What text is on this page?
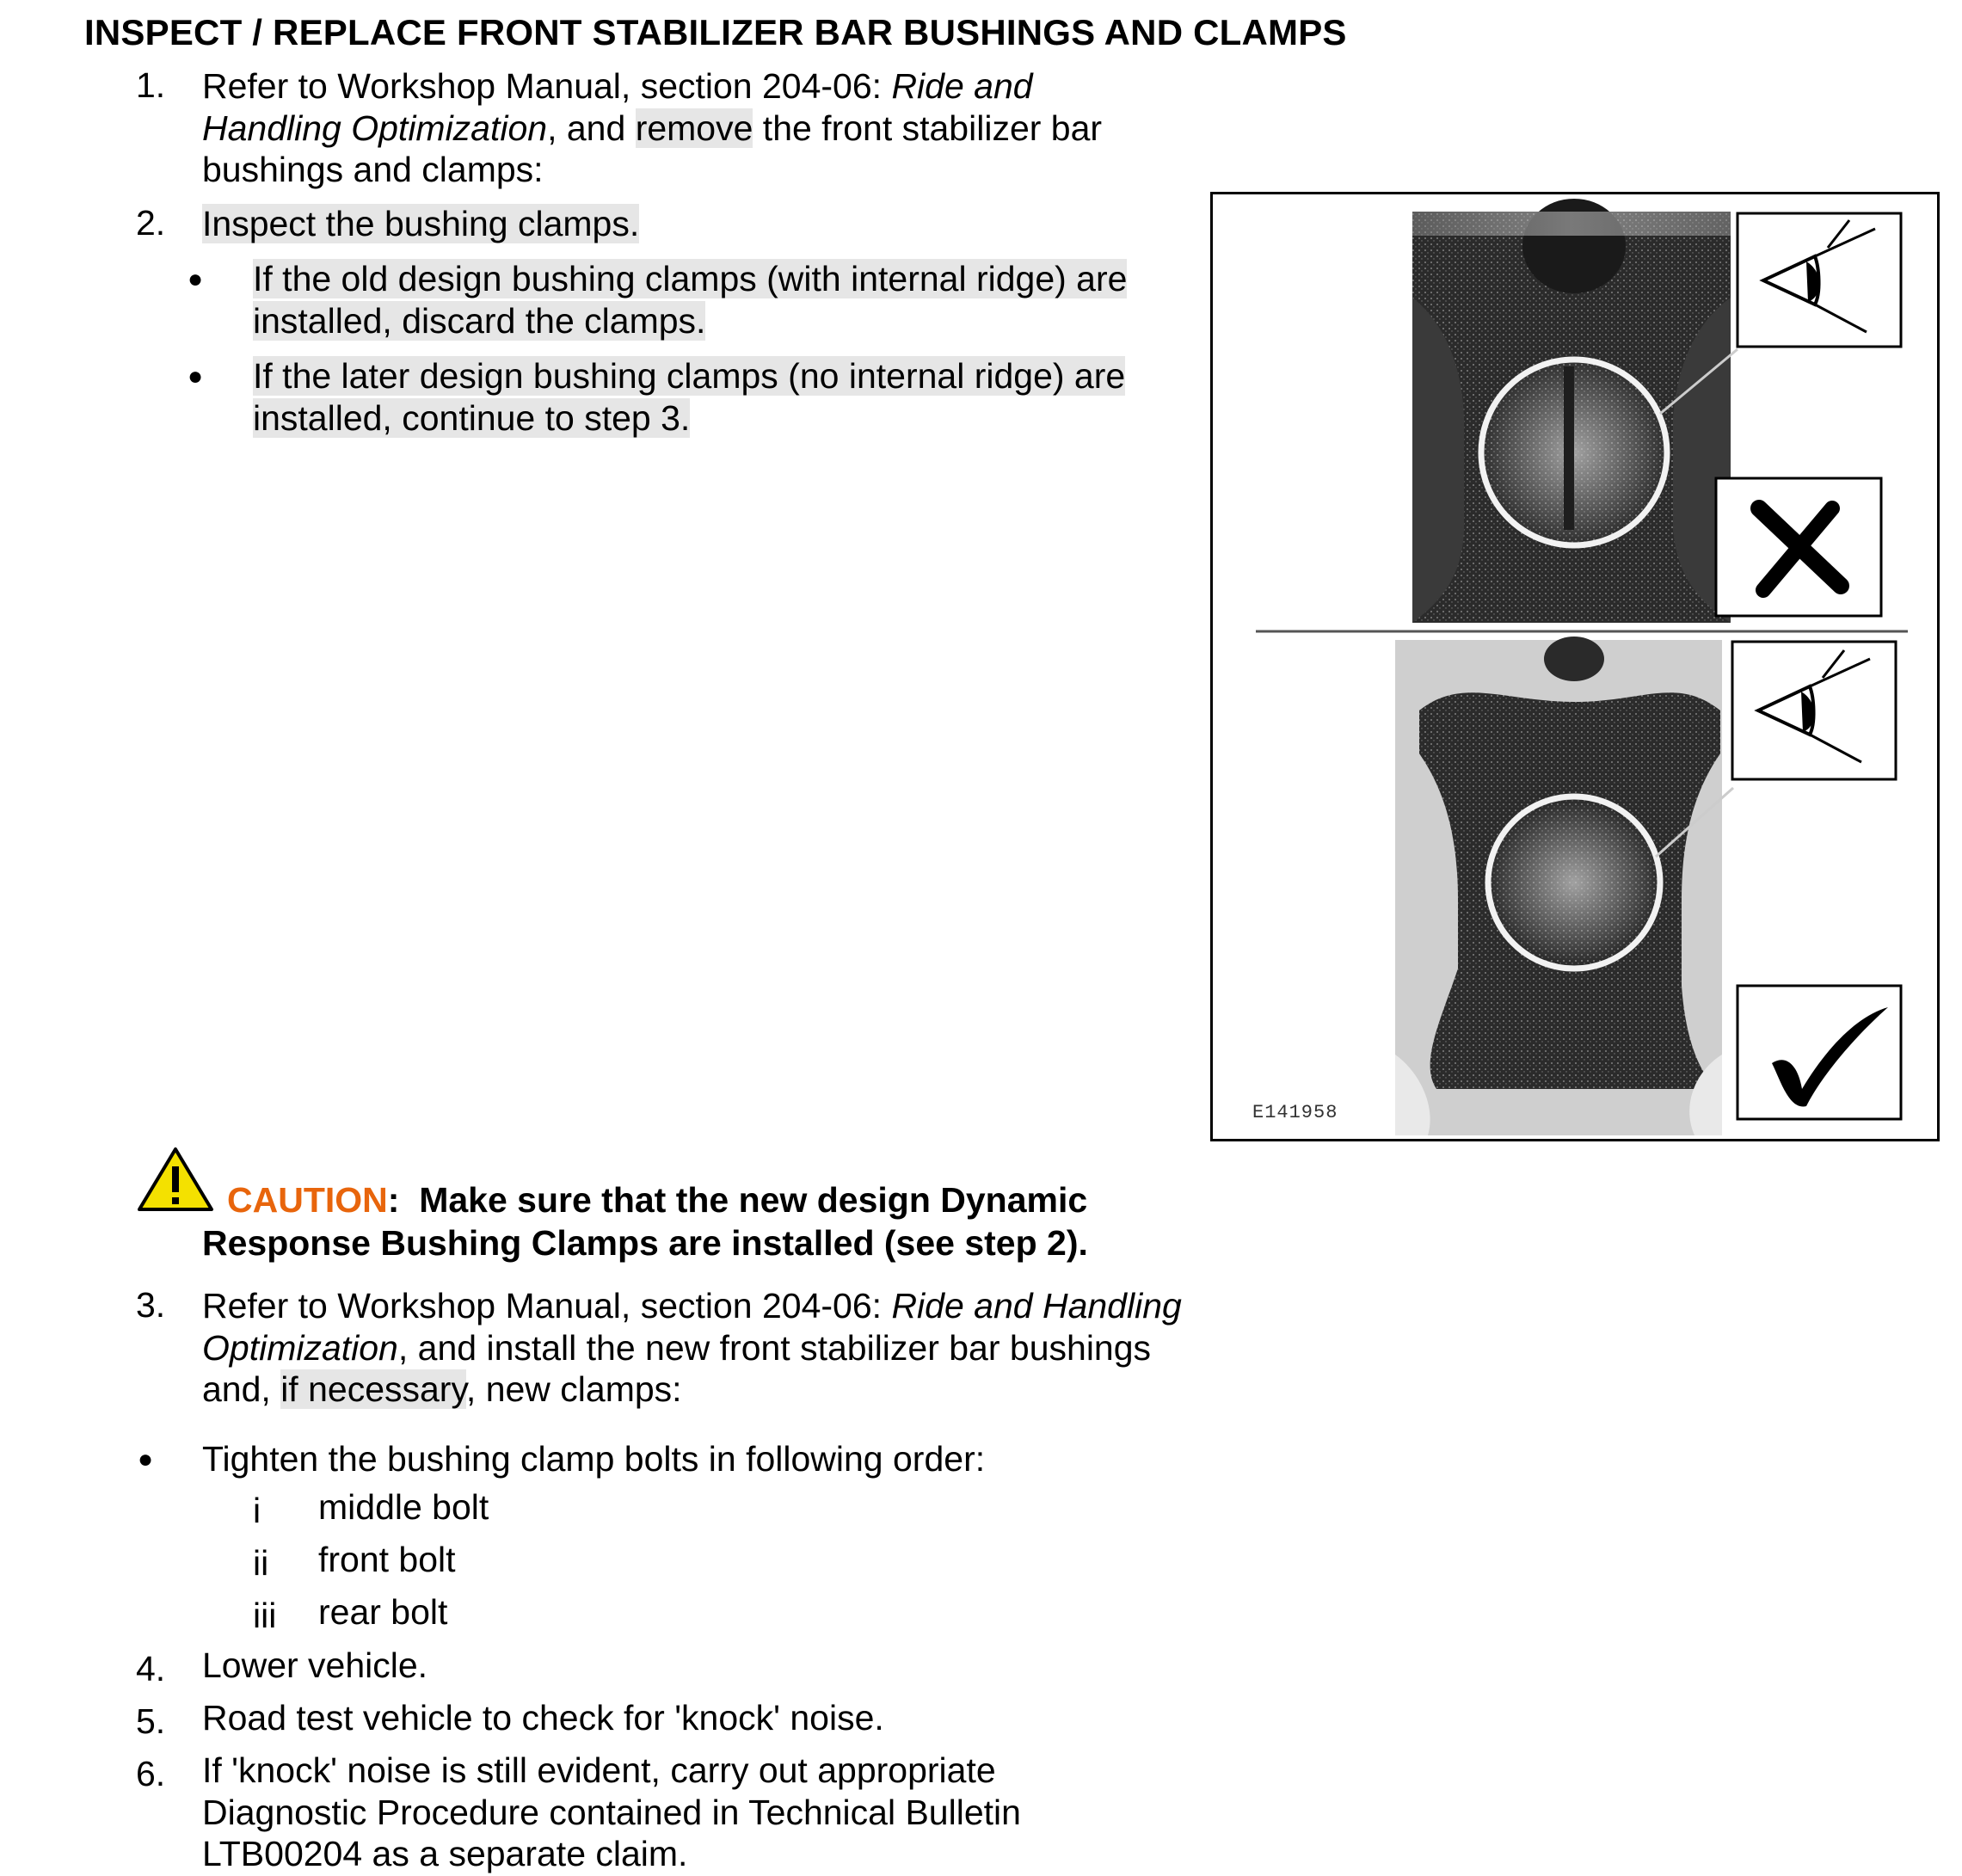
INSPECT / REPLACE FRONT STABILIZER BAR BUSHINGS AND CLAMPS
1. Refer to Workshop Manual, section 204-06: Ride and Handling Optimization, and remove the front stabilizer bar bushings and clamps:
2. Inspect the bushing clamps.
● If the old design bushing clamps (with internal ridge) are installed, discard the clamps.
● If the later design bushing clamps (no internal ridge) are installed, continue to step 3.
E141958
CAUTION: Make sure that the new design Dynamic
Response Bushing Clamps are installed (see step 2).
3. Refer to Workshop Manual, section 204-06: Ride and Handling Optimization, and install the new front stabilizer bar bushings and, if necessary, new clamps:
● Tighten the bushing clamp bolts in following order:
i middle bolt
ii front bolt
iii rear bolt
4. Lower vehicle.
5. Road test vehicle to check for 'knock' noise.
6. If 'knock' noise is still evident, carry out appropriate Diagnostic Procedure contained in Technical Bulletin LTB00204 as a separate claim.
